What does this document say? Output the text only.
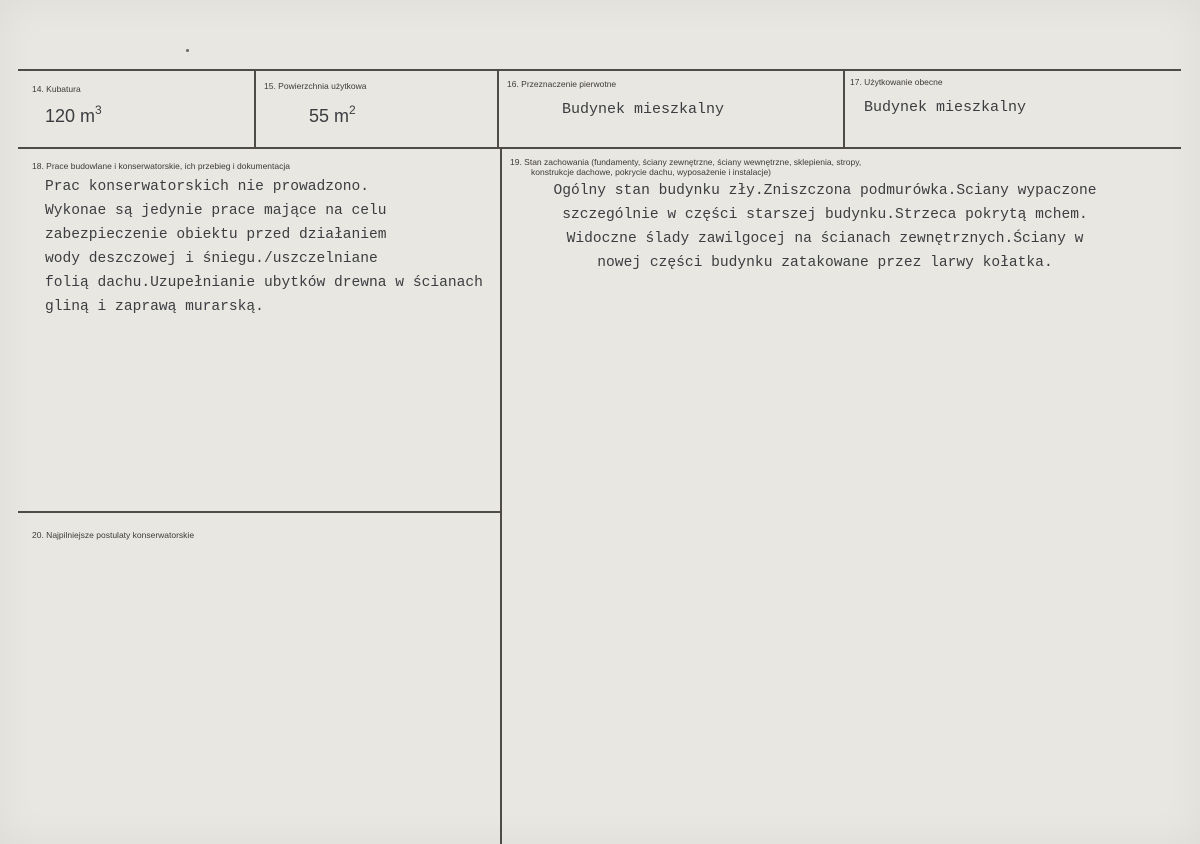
14. Kubatura
120 $m^3$
15. Powierzchnia użytkowa
55 $m^2$
16. Przeznaczenie pierwotne
Budynek mieszkalny
17. Użytkowanie obecne
Budynek mieszkalny
18. Prace budowlane i konserwatorskie, ich przebieg i dokumentacja
Prac konserwatorskich nie prowadzono.
Wykonae są jedynie prace mające na celu
zabezpieczenie obiektu przed działaniem
wody deszczowej i śniegu./uszczelniane
folią dachu.Uzupełnianie ubytków drewna w ścianach
gliną i zaprawą murarską.
19. Stan zachowania (fundamenty, ściany zewnętrzne, ściany wewnętrzne, sklepienia, stropy,
konstrukcje dachowe, pokrycie dachu, wyposażenie i instalacje)
Ogólny stan budynku zły.Zniszczona podmurówka.Sciany wypaczone
szczególnie w części starszej budynku.Strzeca pokrytą mchem.
Widoczne ślady zawilgocej na ścianach zewnętrznych.Ściany w
nowej części budynku zatakowane przez larwy kołatka.
20. Najpilniejsze postulaty konserwatorskie
